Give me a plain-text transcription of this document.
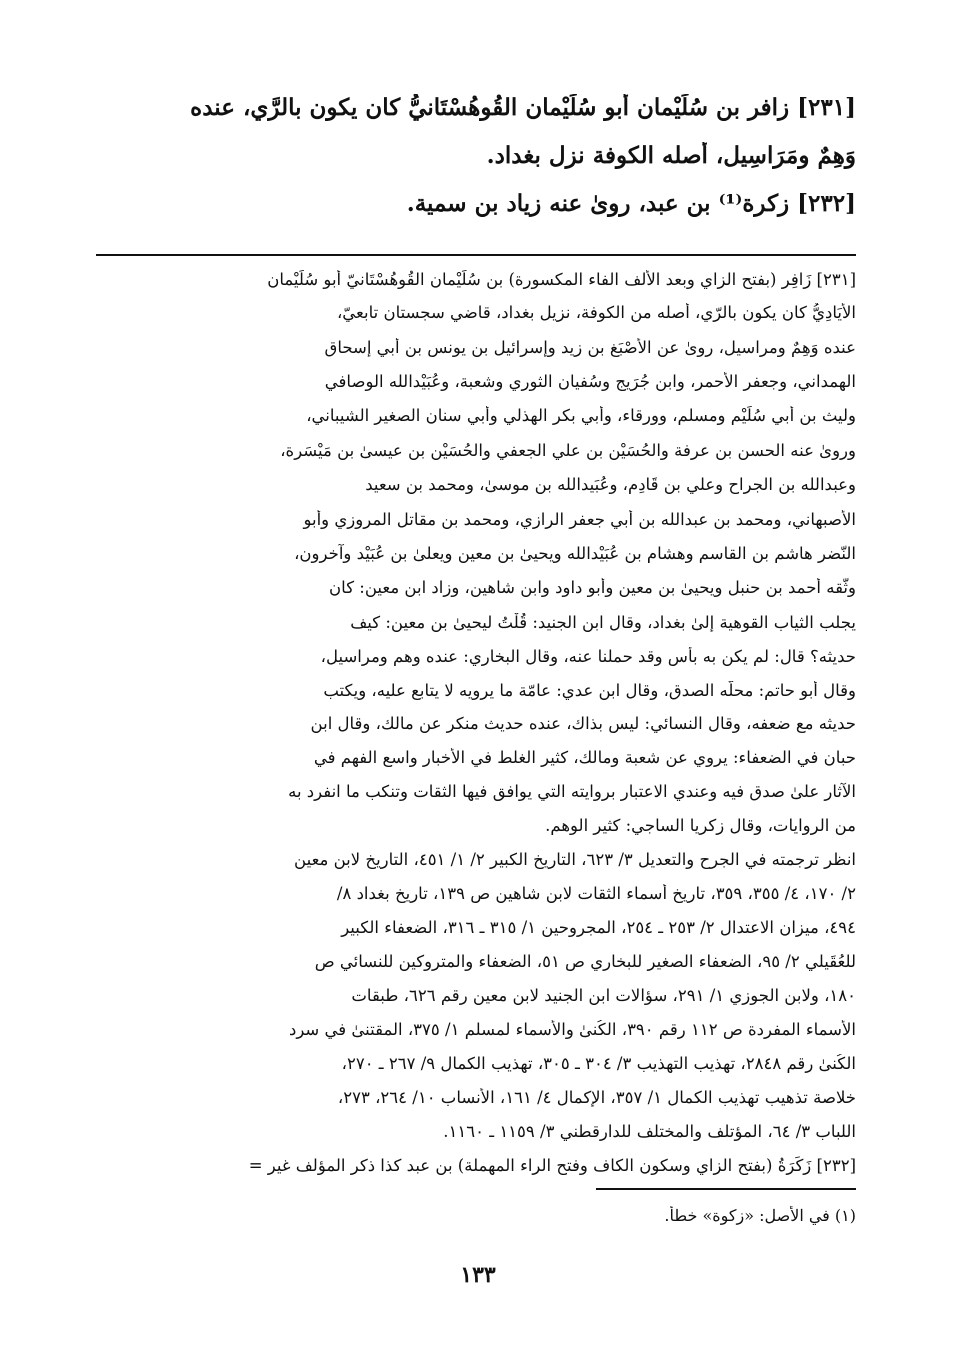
[٢٣١] زافر بن سُلَيْمان أبو سُلَيْمان القُوهُسْتَانيُّ كان يكون بالرَّي، عنده
وَهِمٌ ومَرَاسِيل، أصله الكوفة نزل بغداد.
[٢٣٢] زكرة⁽¹⁾ بن عبد، روىٰ عنه زياد بن سمية.
[٢٣١] زَافِر (بفتح الزاي وبعد الألف الفاء المكسورة) بن سُلَيْمان القُوهُسْتَانيّ أبو سُلَيْمان
الأَيَادِيُّ كان يكون بالرّي، أصله من الكوفة، نزيل بغداد، قاضي سجستان تابعيّ،
عنده وَهِمٌ ومراسيل، روىٰ عن الأَصْبَغ بن زيد وإسرائيل بن يونس بن أبي إسحاق
الهمداني، وجعفر الأحمر، وابن جُرَيج وسُفيان الثوري وشعبة، وعُبَيْدالله الوصافي
وليث بن أبي سُلَيْم ومسلم، وورقاء، وأبي بكر الهذلي وأبي سنان الصغير الشيباني،
وروىٰ عنه الحسن بن عرفة والحُسَيْن بن علي الجعفي والحُسَيْن بن عيسىٰ بن مَيْسَرة،
وعبدالله بن الجراح وعلي بن قَادِم، وعُبَيدالله بن موسىٰ، ومحمد بن سعيد
الأصبهاني، ومحمد بن عبدالله بن أبي جعفر الرازي، ومحمد بن مقاتل المروزي وأبو
النّضر هاشم بن القاسم وهشام بن عُبَيْدالله ويحيىٰ بن معين ويعلىٰ بن عُبَيْد وآخرون،
وثّقه أحمد بن حنبل ويحيىٰ بن معين وأبو داود وابن شاهين، وزاد ابن معين: كان
يجلب الثياب القوهية إلىٰ بغداد، وقال ابن الجنيد: قُلْتُ ليحيىٰ بن معين: كيف
حديثه؟ قال: لم يكن به بأس وقد حملنا عنه، وقال البخاري: عنده وهم ومراسيل،
وقال أبو حاتم: محلّه الصدق، وقال ابن عدي: عامّة ما يرويه لا يتابع عليه، ويكتب
حديثه مع ضعفه، وقال النسائي: ليس بذاك، عنده حديث منكر عن مالك، وقال ابن
حبان في الضعفاء: يروي عن شعبة ومالك، كثير الغلط في الأخبار واسع الفهم في
الآثار علىٰ صدق فيه وعندي الاعتبار بروايته التي يوافق فيها الثقات وتنكب ما انفرد به
من الروايات، وقال زكريا الساجي: كثير الوهم.
انظر ترجمته في الجرح والتعديل ٣/ ٦٢٣، التاريخ الكبير ٢/ ١/ ٤٥١، التاريخ لابن معين
٢/ ١٧٠، ٤/ ٣٥٥، ٣٥٩، تاريخ أسماء الثقات لابن شاهين ص ١٣٩، تاريخ بغداد ٨/
٤٩٤، ميزان الاعتدال ٢/ ٢٥٣ ـ ٢٥٤، المجروحين ١/ ٣١٥ ـ ٣١٦، الضعفاء الكبير
للعُقَيلي ٢/ ٩٥، الضعفاء الصغير للبخاري ص ٥١، الضعفاء والمتروكين للنسائي ص
١٨٠، ولابن الجوزي ١/ ٢٩١، سؤالات ابن الجنيد لابن معين رقم ٦٢٦، طبقات
الأسماء المفردة ص ١١٢ رقم ٣٩٠، الكُنىٰ والأسماء لمسلم ١/ ٣٧٥، المقتنىٰ في سرد
الكُنىٰ رقم ٢٨٤٨، تهذيب التهذيب ٣/ ٣٠٤ ـ ٣٠٥، تهذيب الكمال ٩/ ٢٦٧ ـ ٢٧٠،
خلاصة تذهيب تهذيب الكمال ١/ ٣٥٧، الإكمال ٤/ ١٦١، الأنساب ١٠/ ٢٦٤، ٢٧٣،
اللباب ٣/ ٦٤، المؤتلف والمختلف للدارقطني ٣/ ١١٥٩ ـ ١١٦٠.
[٢٣٢] زَكَرَةُ (بفتح الزاي وسكون الكاف وفتح الراء المهملة) بن عبد كذا ذكر المؤلف غير =
(١) في الأصل: «زكوة» خطأ.
١٣٣
